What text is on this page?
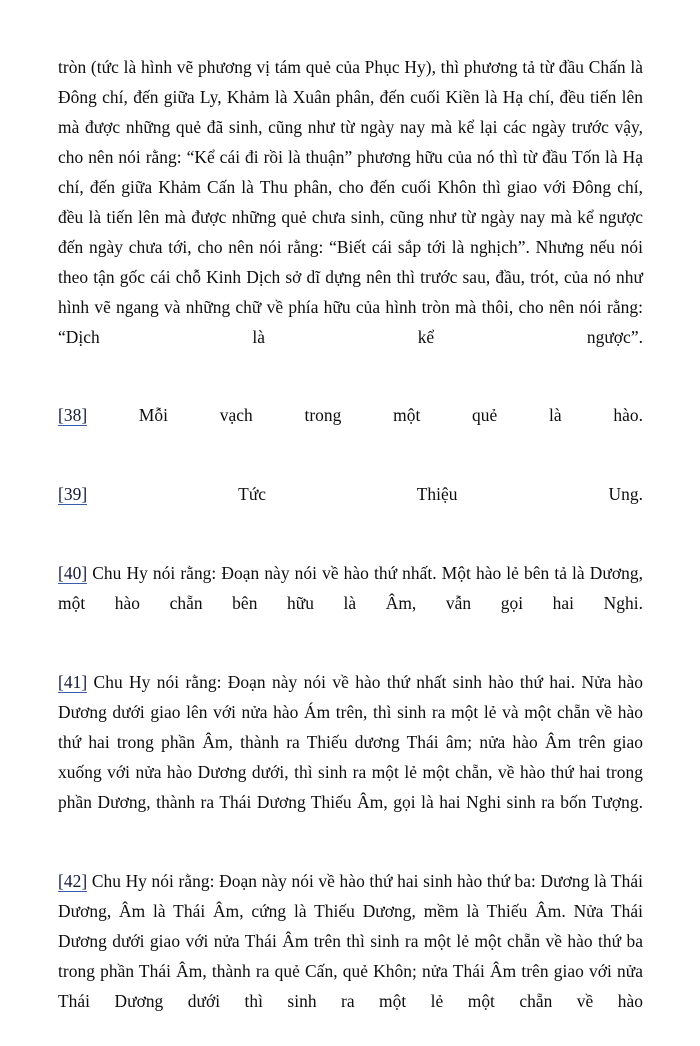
tròn (tức là hình vẽ phương vị tám quẻ của Phục Hy), thì phương tả từ đầu Chấn là Đông chí, đến giữa Ly, Khảm là Xuân phân, đến cuối Kiền là Hạ chí, đều tiến lên mà được những quẻ đã sinh, cũng như từ ngày nay mà kể lại các ngày trước vậy, cho nên nói rằng: “Kể cái đi rồi là thuận” phương hữu của nó thì từ đầu Tốn là Hạ chí, đến giữa Khảm Cấn là Thu phân, cho đến cuối Khôn thì giao với Đông chí, đều là tiến lên mà được những quẻ chưa sinh, cũng như từ ngày nay mà kể ngược đến ngày chưa tới, cho nên nói rằng: “Biết cái sắp tới là nghịch”. Nhưng nếu nói theo tận gốc cái chỗ Kinh Dịch sở dĩ dựng nên thì trước sau, đầu, trót, của nó như hình vẽ ngang và những chữ về phía hữu của hình tròn mà thôi, cho nên nói rằng: “Dịch là kể ngược”.

[38]	Mỗi vạch trong một quẻ là hào.

[39]	Tức Thiệu Ung.

[40] Chu Hy nói rằng: Đoạn này nói về hào thứ nhất. Một hào lẻ bên tả là Dương, một hào chẵn bên hữu là Âm, vẫn gọi hai Nghi.

[41] Chu Hy nói rằng: Đoạn này nói về hào thứ nhất sinh hào thứ hai. Nửa hào Dương dưới giao lên với nửa hào Ám trên, thì sinh ra một lẻ và một chẵn về hào thứ hai trong phần Âm, thành ra Thiếu dương Thái âm; nửa hào Âm trên giao xuống với nửa hào Dương dưới, thì sinh ra một lẻ một chẵn, về hào thứ hai trong phần Dương, thành ra Thái Dương Thiếu Âm, gọi là hai Nghi sinh ra bốn Tượng.

[42] Chu Hy nói rằng: Đoạn này nói về hào thứ hai sinh hào thứ ba: Dương là Thái Dương, Âm là Thái Âm, cứng là Thiếu Dương, mềm là Thiếu Âm. Nửa Thái Dương dưới giao với nửa Thái Âm trên thì sinh ra một lẻ một chẵn về hào thứ ba trong phần Thái Âm, thành ra quẻ Cấn, quẻ Khôn; nửa Thái Âm trên giao với nửa Thái Dương dưới thì sinh ra một lẻ một chẵn về hào
